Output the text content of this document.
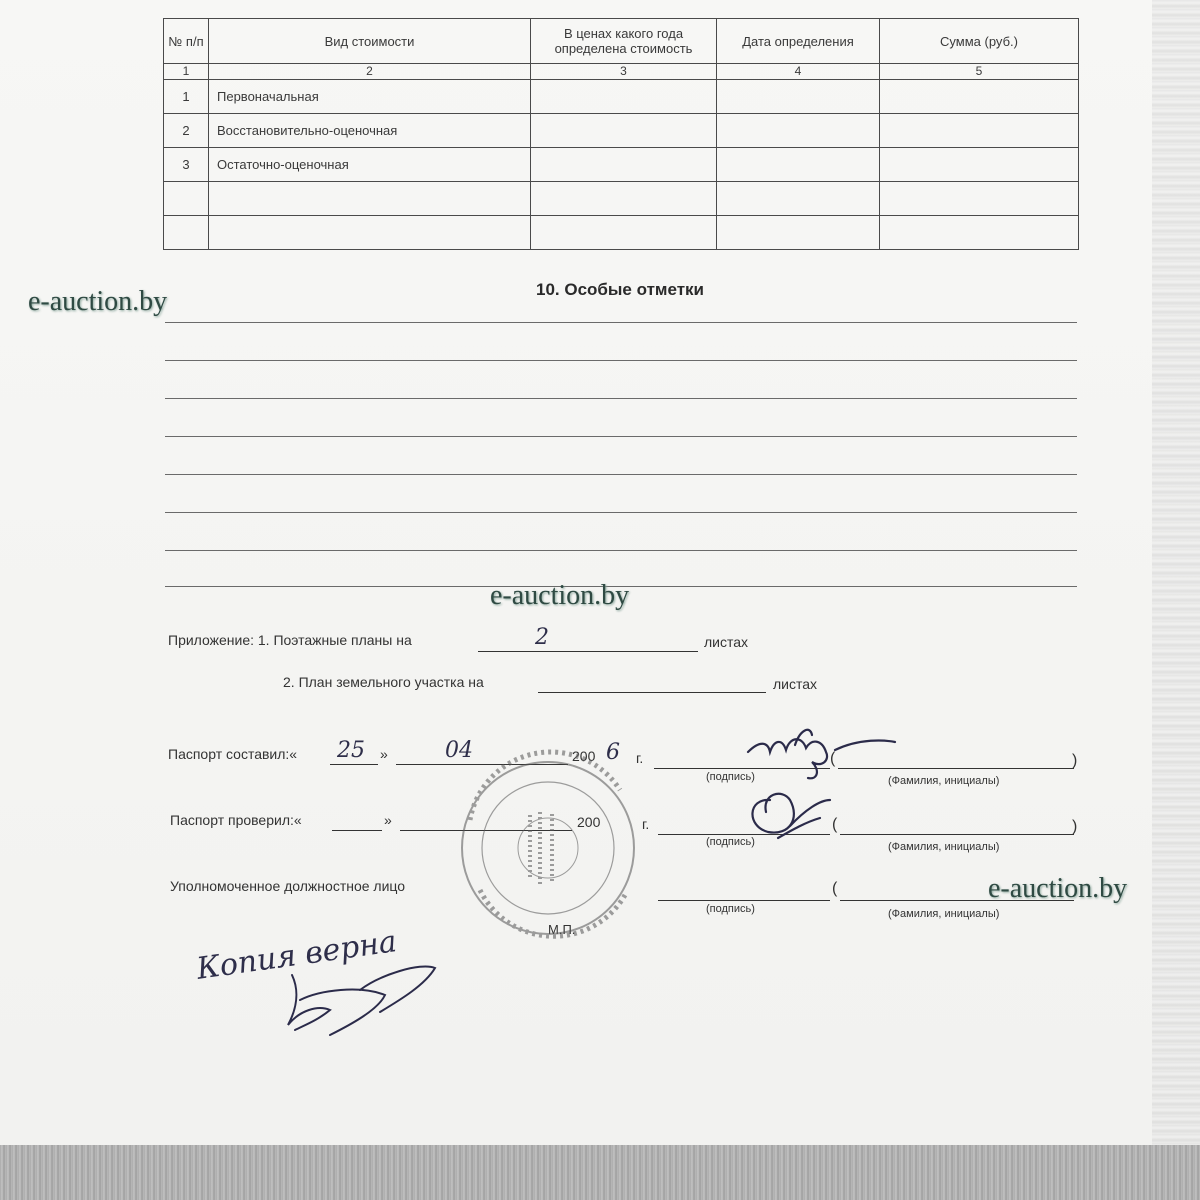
№ п/п	Вид стоимости	В ценах какого года определена стоимость	Дата определения	Сумма (руб.)
1	2	3	4	5
1	Первоначальная			
2	Восстановительно-оценочная			
3	Остаточно-оценочная			

10. Особые отметки
Приложение: 1. Поэтажные планы на	2	листах
2. План земельного участка на	листах
Паспорт составил:« 25 »	04	200 6 г.	(	)
(подпись)	(Фамилия, инициалы)
Паспорт проверил:«	»	200	г.	(	)
(подпись)	(Фамилия, инициалы)
Уполномоченное должностное лицо	(
(подпись)	(Фамилия, инициалы)
М.П.
Копия верна
e-auction.by
e-auction.by
e-auction.by
